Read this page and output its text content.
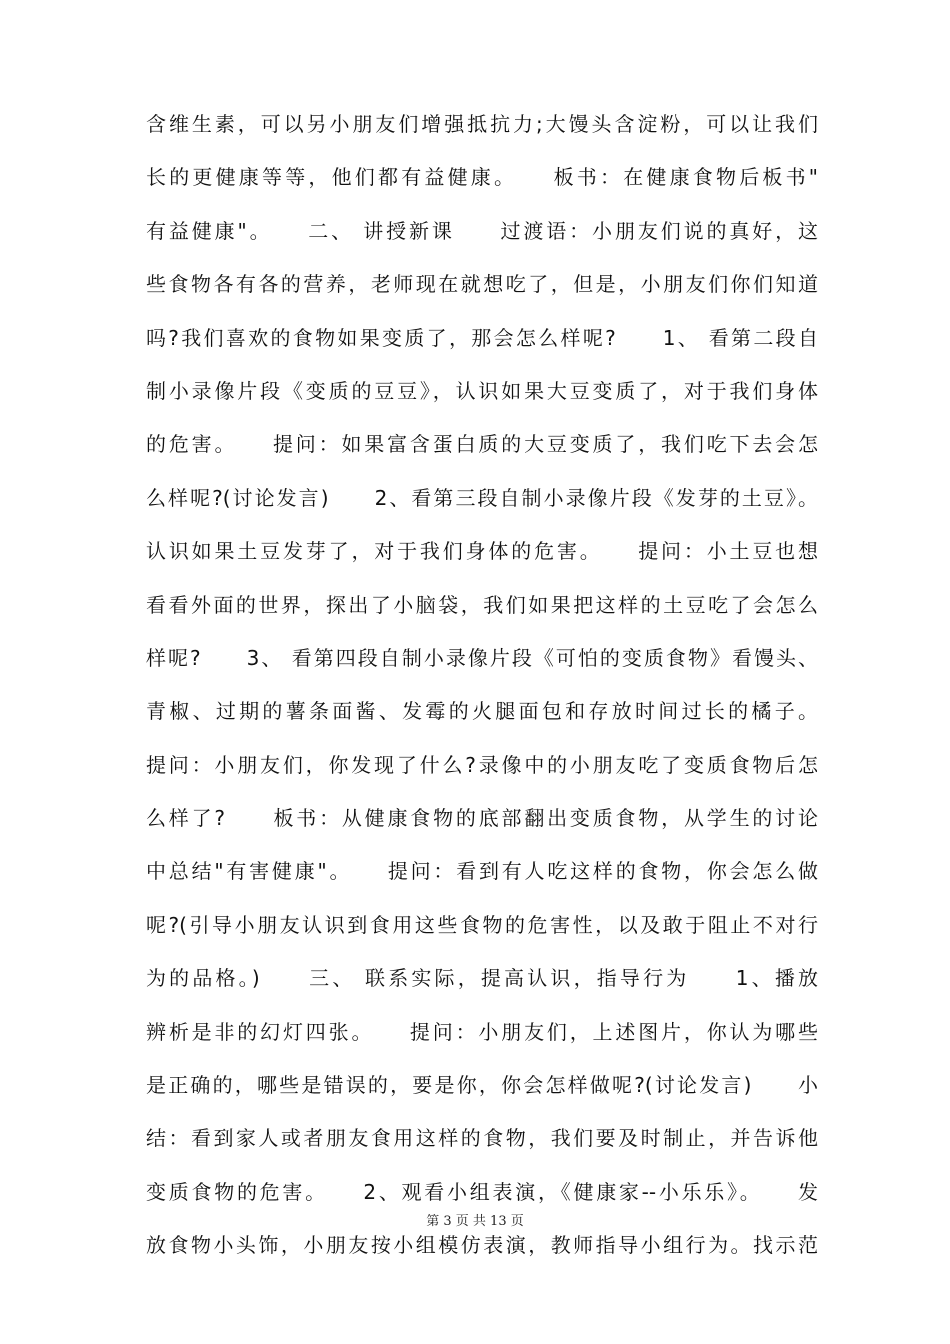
含维生素，可以另小朋友们增强抵抗力;大馒头含淀粉，可以让我们
长的更健康等等，他们都有益健康。　　板书：在健康食物后板书"
有益健康"。　　二、 讲授新课　　过渡语：小朋友们说的真好，这
些食物各有各的营养，老师现在就想吃了，但是，小朋友们你们知道
吗?我们喜欢的食物如果变质了，那会怎么样呢?　　1、 看第二段自
制小录像片段《变质的豆豆》，认识如果大豆变质了，对于我们身体
的危害。　　提问：如果富含蛋白质的大豆变质了，我们吃下去会怎
么样呢?(讨论发言)　　2、看第三段自制小录像片段《发芽的土豆》。
认识如果土豆发芽了，对于我们身体的危害。　　提问：小土豆也想
看看外面的世界，探出了小脑袋，我们如果把这样的土豆吃了会怎么
样呢?　　3、 看第四段自制小录像片段《可怕的变质食物》看馒头、
青椒、过期的薯条面酱、发霉的火腿面包和存放时间过长的橘子。
提问：小朋友们，你发现了什么?录像中的小朋友吃了变质食物后怎
么样了?　　板书：从健康食物的底部翻出变质食物，从学生的讨论
中总结"有害健康"。　　提问：看到有人吃这样的食物，你会怎么做
呢?(引导小朋友认识到食用这些食物的危害性，以及敢于阻止不对行
为的品格。)　　三、 联系实际，提高认识，指导行为　　1、播放
辨析是非的幻灯四张。　　提问：小朋友们，上述图片，你认为哪些
是正确的，哪些是错误的，要是你，你会怎样做呢?(讨论发言)　　小
结：看到家人或者朋友食用这样的食物，我们要及时制止，并告诉他
变质食物的危害。　　2、观看小组表演，《健康家--小乐乐》。　　发
放食物小头饰，小朋友按小组模仿表演，教师指导小组行为。找示范
第 3 页 共 13 页
